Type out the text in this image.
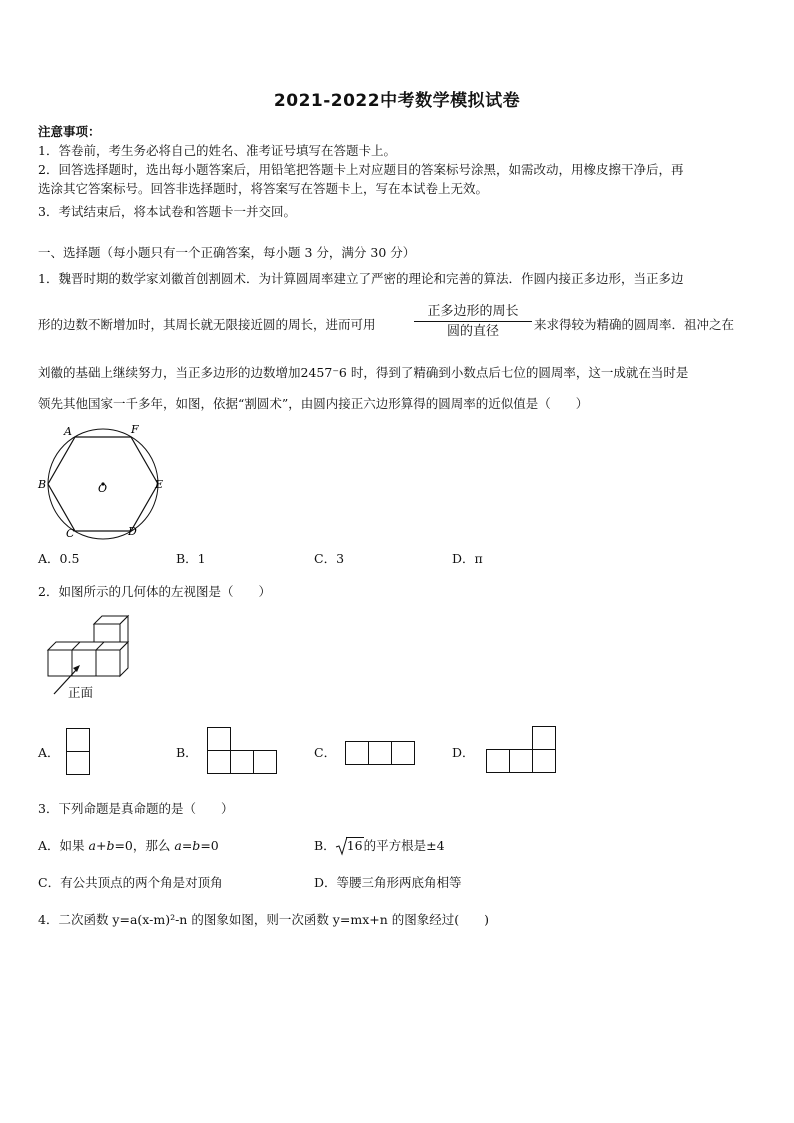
2021-2022中考数学模拟试卷
注意事项：
1．答卷前，考生务必将自己的姓名、准考证号填写在答题卡上。
2．回答选择题时，选出每小题答案后，用铅笔把答题卡上对应题目的答案标号涂黑，如需改动，用橡皮擦干净后，再
选涂其它答案标号。回答非选择题时，将答案写在答题卡上，写在本试卷上无效。
3．考试结束后，将本试卷和答题卡一并交回。
一、选择题（每小题只有一个正确答案，每小题 3 分，满分 30 分）
1．魏晋时期的数学家刘徽首创割圆术．为计算圆周率建立了严密的理论和完善的算法．作圆内接正多边形，当正多边
形的边数不断增加时，其周长就无限接近圆的周长，进而可用
正多边形的周长
圆的直径	来求得较为精确的圆周率．祖冲之在
刘徽的基础上继续努力，当正多边形的边数增加2457⁻6 时，得到了精确到小数点后七位的圆周率，这一成就在当时是
领先其他国家一千多年，如图，依据“割圆术”，由圆内接正六边形算得的圆周率的近似值是（　　）
A	F
B	O	E
C	D
A．0.5	B．1	C．3	D．π
2．如图所示的几何体的左视图是（　　）
正面
A．	B．	C．	D．
3．下列命题是真命题的是（　　）
A．如果 a+b=0，那么 a=b=0	B． 16的平方根是±4
C．有公共顶点的两个角是对顶角	D．等腰三角形两底角相等
4．二次函数 y=a(x-m)²-n 的图象如图，则一次函数 y=mx+n 的图象经过(　　)
